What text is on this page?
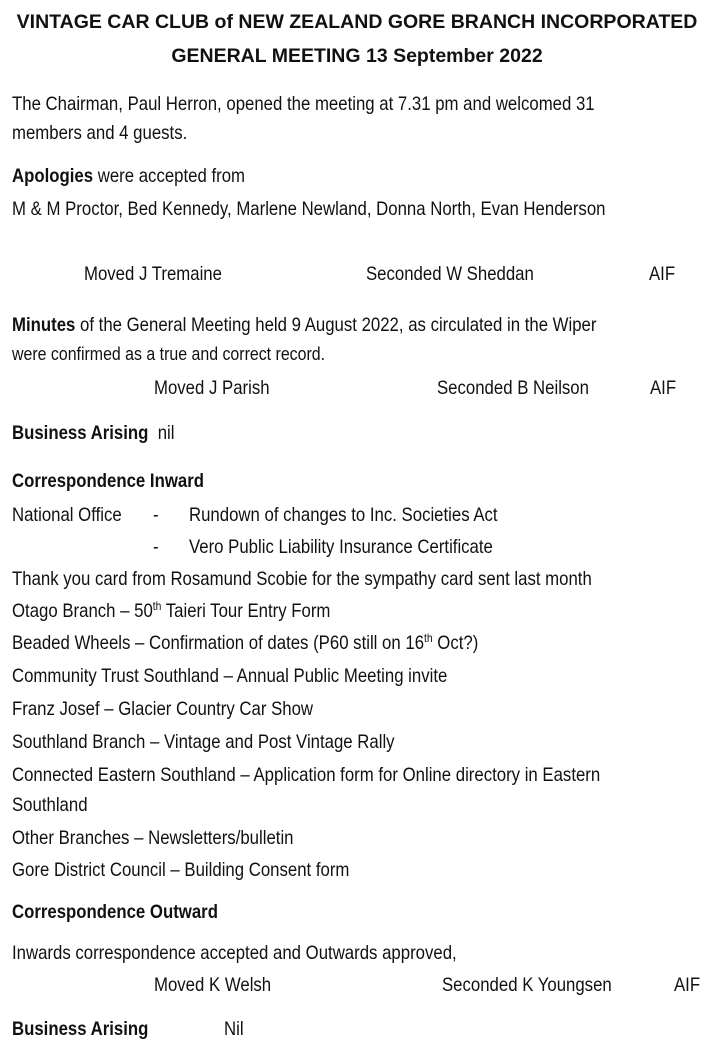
VINTAGE CAR CLUB of NEW ZEALAND GORE BRANCH INCORPORATED
GENERAL MEETING 13 September 2022
The Chairman, Paul Herron, opened the meeting at 7.31 pm and welcomed 31
members and 4 guests.
Apologies were accepted from
M & M Proctor, Bed Kennedy, Marlene Newland, Donna North, Evan Henderson
Moved J Tremaine	Seconded W Sheddan	AIF
Minutes of the General Meeting held 9 August 2022, as circulated in the Wiper
were confirmed as a true and correct record.
Moved J Parish	Seconded B Neilson	AIF
Business Arising nil
Correspondence Inward
National Office - Rundown of changes to Inc. Societies Act
- Vero Public Liability Insurance Certificate
Thank you card from Rosamund Scobie for the sympathy card sent last month
Otago Branch – 50th Taieri Tour Entry Form
Beaded Wheels – Confirmation of dates (P60 still on 16th Oct?)
Community Trust Southland – Annual Public Meeting invite
Franz Josef – Glacier Country Car Show
Southland Branch – Vintage and Post Vintage Rally
Connected Eastern Southland – Application form for Online directory in Eastern
Southland
Other Branches – Newsletters/bulletin
Gore District Council – Building Consent form
Correspondence Outward
Inwards correspondence accepted and Outwards approved,
Moved K Welsh	Seconded K Youngsen	AIF
Business Arising	Nil
